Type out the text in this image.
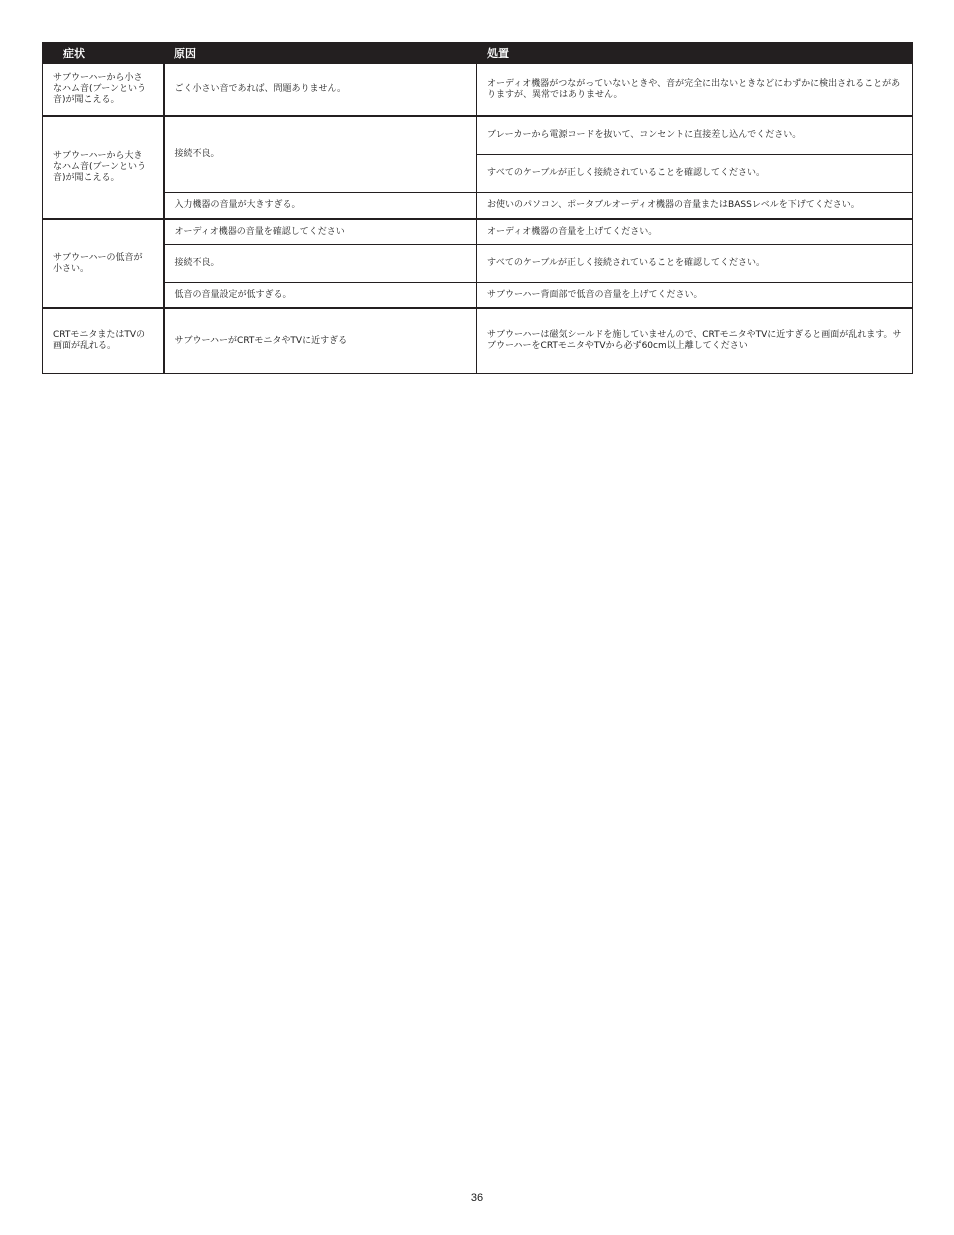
症状	原因	処置
サブウーハーから小さなハム音(ブーンという音)が聞こえる。	ごく小さい音であれば、問題ありません。	オーディオ機器がつながっていないときや、音が完全に出ないときなどにわずかに検出されることがありますが、異常ではありません。
サブウーハーから大きなハム音(ブーンという音)が聞こえる。	接続不良。	ブレーカーから電源コードを抜いて、コンセントに直接差し込んでください。
		すべてのケーブルが正しく接続されていることを確認してください。
	入力機器の音量が大きすぎる。	お使いのパソコン、ポータブルオーディオ機器の音量またはBASSレベルを下げてください。
サブウーハーの低音が小さい。	オーディオ機器の音量を確認してください	オーディオ機器の音量を上げてください。
	接続不良。	すべてのケーブルが正しく接続されていることを確認してください。
	低音の音量設定が低すぎる。	サブウーハー背面部で低音の音量を上げてください。
CRTモニタまたはTVの画面が乱れる。	サブウーハーがCRTモニタやTVに近すぎる	サブウーハーは磁気シールドを施していませんので、CRTモニタやTVに近すぎると画面が乱れます。サブウーハーをCRTモニタやTVから必ず60cm以上離してください
36
